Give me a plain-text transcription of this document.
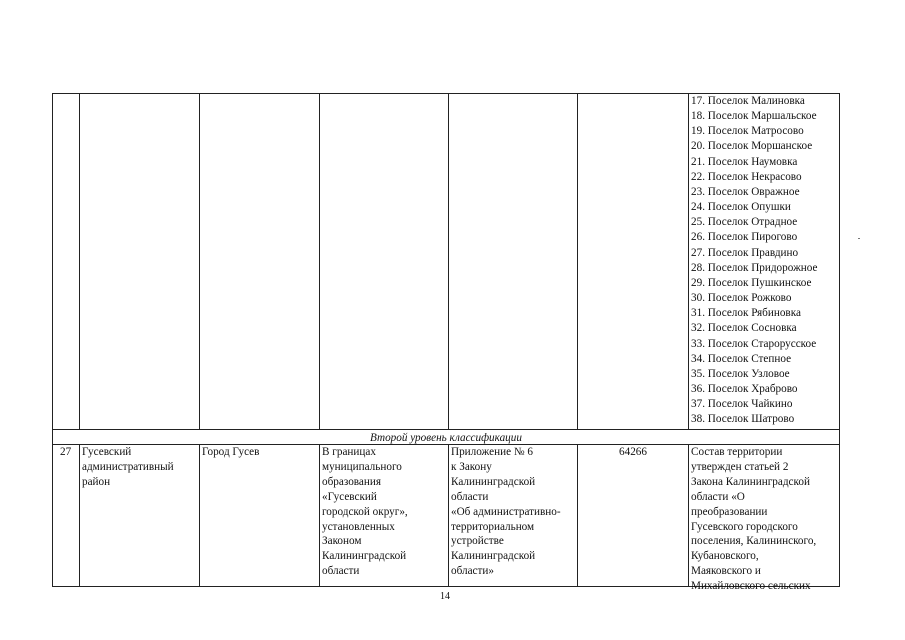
17. Поселок Малиновка
18. Поселок Маршальское
19. Поселок Матросово
20. Поселок Моршанское
21. Поселок Наумовка
22. Поселок Некрасово
23. Поселок Овражное
24. Поселок Опушки
25. Поселок Отрадное
26. Поселок Пирогово
27. Поселок Правдино
28. Поселок Придорожное
29. Поселок Пушкинское
30. Поселок Рожково
31. Поселок Рябиновка
32. Поселок Сосновка
33. Поселок Старорусское
34. Поселок Степное
35. Поселок Узловое
36. Поселок Храброво
37. Поселок Чайкино
38. Поселок Шатрово
Второй уровень классификации
27 Гусевский
административный
район
Город Гусев	В границах
муниципального
образования
«Гусевский
городской округ»,
установленных
Законом
Калининградской
области
Приложение № 6
к Закону
Калининградской
области
«Об административно-
территориальном
устройстве
Калининградской
области»
64266	Состав территории
утвержден статьей 2
Закона Калининградской
области «О
преобразовании
Гусевского городского
поселения, Калининского,
Кубановского,
Маяковского и
Михайловского сельских
14
